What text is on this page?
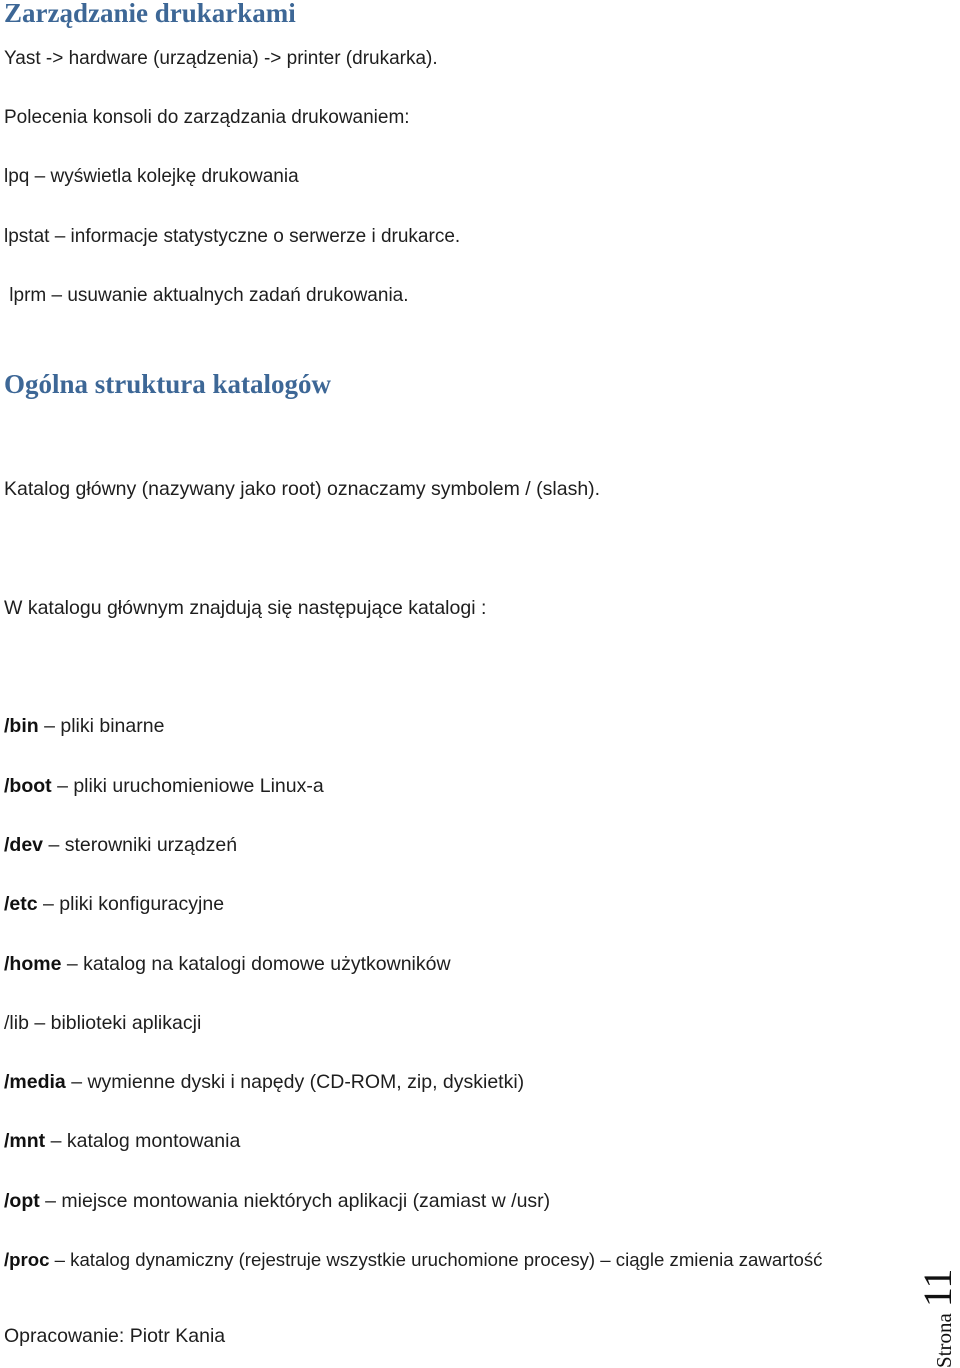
Zarządzanie drukarkami
Yast -> hardware (urządzenia) -> printer (drukarka).
Polecenia konsoli do zarządzania drukowaniem:
lpq – wyświetla kolejkę drukowania
lpstat – informacje statystyczne o serwerze i drukarce.
lprm – usuwanie aktualnych zadań drukowania.
Ogólna struktura katalogów
Katalog główny (nazywany jako root) oznaczamy symbolem / (slash).
W katalogu głównym znajdują się następujące katalogi :
/bin – pliki binarne
/boot – pliki uruchomieniowe Linux-a
/dev – sterowniki urządzeń
/etc – pliki konfiguracyjne
/home – katalog na katalogi domowe użytkowników
/lib – biblioteki aplikacji
/media – wymienne dyski i napędy (CD-ROM, zip, dyskietki)
/mnt – katalog montowania
/opt – miejsce montowania niektórych aplikacji (zamiast w /usr)
/proc – katalog dynamiczny (rejestruje wszystkie uruchomione procesy) – ciągle zmienia zawartość
Opracowanie: Piotr Kania	Strona
11
